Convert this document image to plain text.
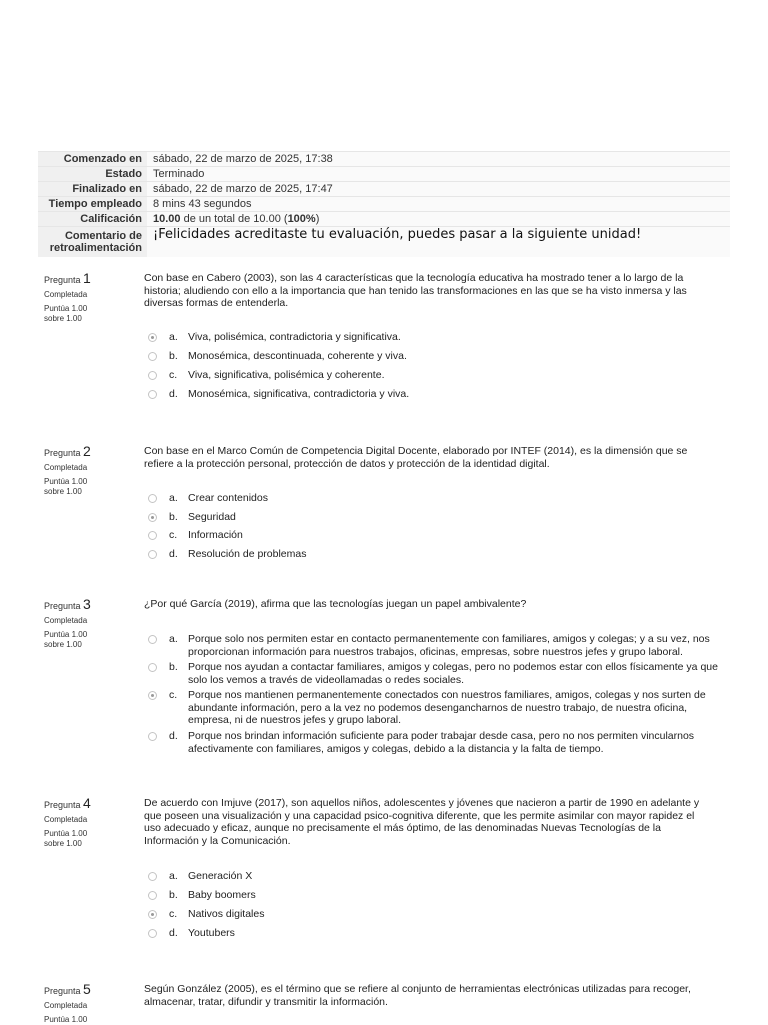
Comenzado en	sábado, 22 de marzo de 2025, 17:38
Estado	Terminado
Finalizado en	sábado, 22 de marzo de 2025, 17:47
Tiempo empleado	8 mins 43 segundos
Calificación	10.00 de un total de 10.00 (100%)
Comentario de retroalimentación	¡Felicidades acreditaste tu evaluación, puedes pasar a la siguiente unidad!
Pregunta 1
Completada
Puntúa 1.00
sobre 1.00
Con base en Cabero (2003), son las 4 características que la tecnología educativa ha mostrado tener a lo largo de la historia; aludiendo con ello a la importancia que han tenido las transformaciones en las que se ha visto inmersa y las diversas formas de entenderla.
a. Viva, polisémica, contradictoria y significativa.
b. Monosémica, descontinuada, coherente y viva.
c. Viva, significativa, polisémica y coherente.
d. Monosémica, significativa, contradictoria y viva.
Pregunta 2
Completada
Puntúa 1.00
sobre 1.00
Con base en el Marco Común de Competencia Digital Docente, elaborado por INTEF (2014), es la dimensión que se refiere a la protección personal, protección de datos y protección de la identidad digital.
a. Crear contenidos
b. Seguridad
c. Información
d. Resolución de problemas
Pregunta 3
Completada
Puntúa 1.00
sobre 1.00
¿Por qué García (2019), afirma que las tecnologías juegan un papel ambivalente?
a. Porque solo nos permiten estar en contacto permanentemente con familiares, amigos y colegas; y a su vez, nos proporcionan información para nuestros trabajos, oficinas, empresas, sobre nuestros jefes y grupo laboral.
b. Porque nos ayudan a contactar familiares, amigos y colegas, pero no podemos estar con ellos físicamente ya que solo los vemos a través de videollamadas o redes sociales.
c. Porque nos mantienen permanentemente conectados con nuestros familiares, amigos, colegas y nos surten de abundante información, pero a la vez no podemos desengancharnos de nuestro trabajo, de nuestra oficina, empresa, ni de nuestros jefes y grupo laboral.
d. Porque nos brindan información suficiente para poder trabajar desde casa, pero no nos permiten vincularnos afectivamente con familiares, amigos y colegas, debido a la distancia y la falta de tiempo.
Pregunta 4
Completada
Puntúa 1.00
sobre 1.00
De acuerdo con Imjuve (2017), son aquellos niños, adolescentes y jóvenes que nacieron a partir de 1990 en adelante y que poseen una visualización y una capacidad psico-cognitiva diferente, que les permite asimilar con mayor rapidez el uso adecuado y eficaz, aunque no precisamente el más óptimo, de las denominadas Nuevas Tecnologías de la Información y la Comunicación.
a. Generación X
b. Baby boomers
c. Nativos digitales
d. Youtubers
Pregunta 5
Completada
Puntúa 1.00
Según González (2005), es el término que se refiere al conjunto de herramientas electrónicas utilizadas para recoger, almacenar, tratar, difundir y transmitir la información.
